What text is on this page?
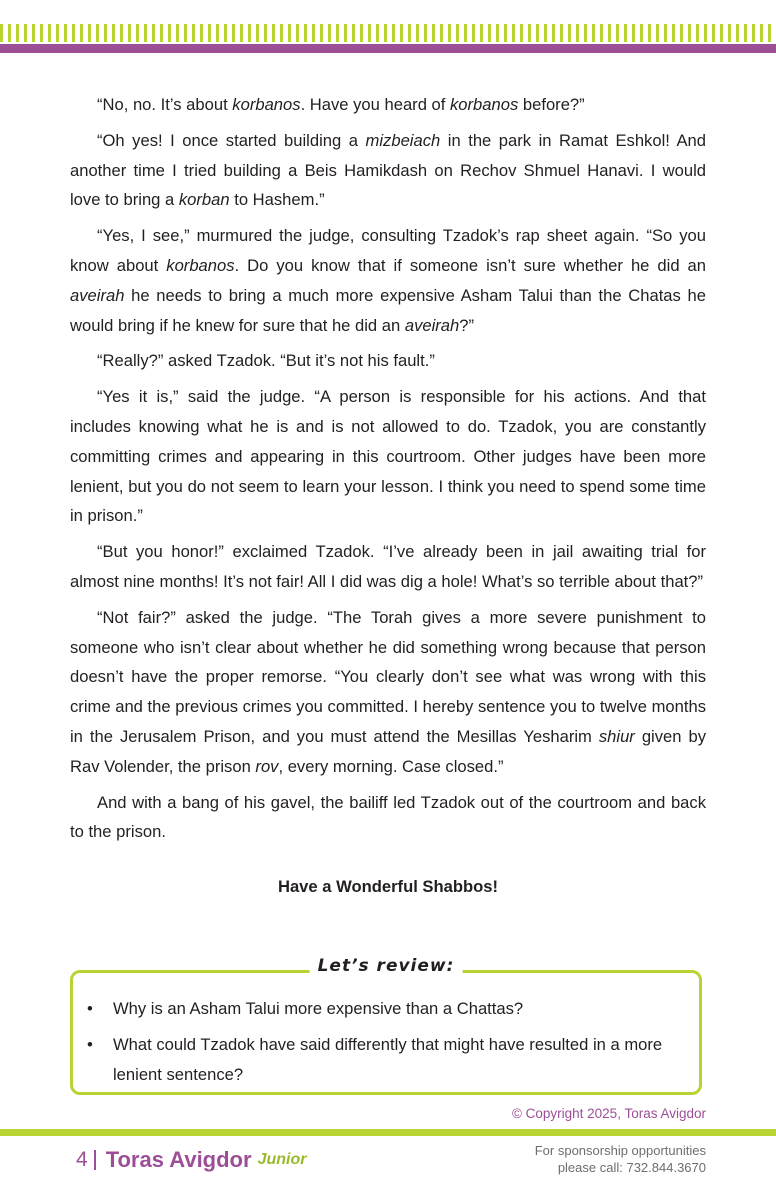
“No, no. It’s about korbanos. Have you heard of korbanos before?”

“Oh yes! I once started building a mizbeiach in the park in Ramat Eshkol! And another time I tried building a Beis Hamikdash on Rechov Shmuel Hanavi. I would love to bring a korban to Hashem.”

“Yes, I see,” murmured the judge, consulting Tzadok’s rap sheet again. “So you know about korbanos. Do you know that if someone isn’t sure whether he did an aveirah he needs to bring a much more expensive Asham Talui than the Chatas he would bring if he knew for sure that he did an aveirah?”

“Really?” asked Tzadok. “But it’s not his fault.”

“Yes it is,” said the judge. “A person is responsible for his actions. And that includes knowing what he is and is not allowed to do. Tzadok, you are constantly committing crimes and appearing in this courtroom. Other judges have been more lenient, but you do not seem to learn your lesson. I think you need to spend some time in prison.”

“But you honor!” exclaimed Tzadok. “I’ve already been in jail awaiting trial for almost nine months! It’s not fair! All I did was dig a hole! What’s so terrible about that?”

“Not fair?” asked the judge. “The Torah gives a more severe punishment to someone who isn’t clear about whether he did something wrong because that person doesn’t have the proper remorse. “You clearly don’t see what was wrong with this crime and the previous crimes you committed. I hereby sentence you to twelve months in the Jerusalem Prison, and you must attend the Mesillas Yesharim shiur given by Rav Volender, the prison rov, every morning. Case closed.”

And with a bang of his gavel, the bailiff led Tzadok out of the courtroom and back to the prison.

Have a Wonderful Shabbos!

Let’s review:
• Why is an Asham Talui more expensive than a Chattas?
• What could Tzadok have said differently that might have resulted in a more lenient sentence?
© Copyright 2025, Toras Avigdor
4 Toras Avigdor Junior
For sponsorship opportunities
please call: 732.844.3670
